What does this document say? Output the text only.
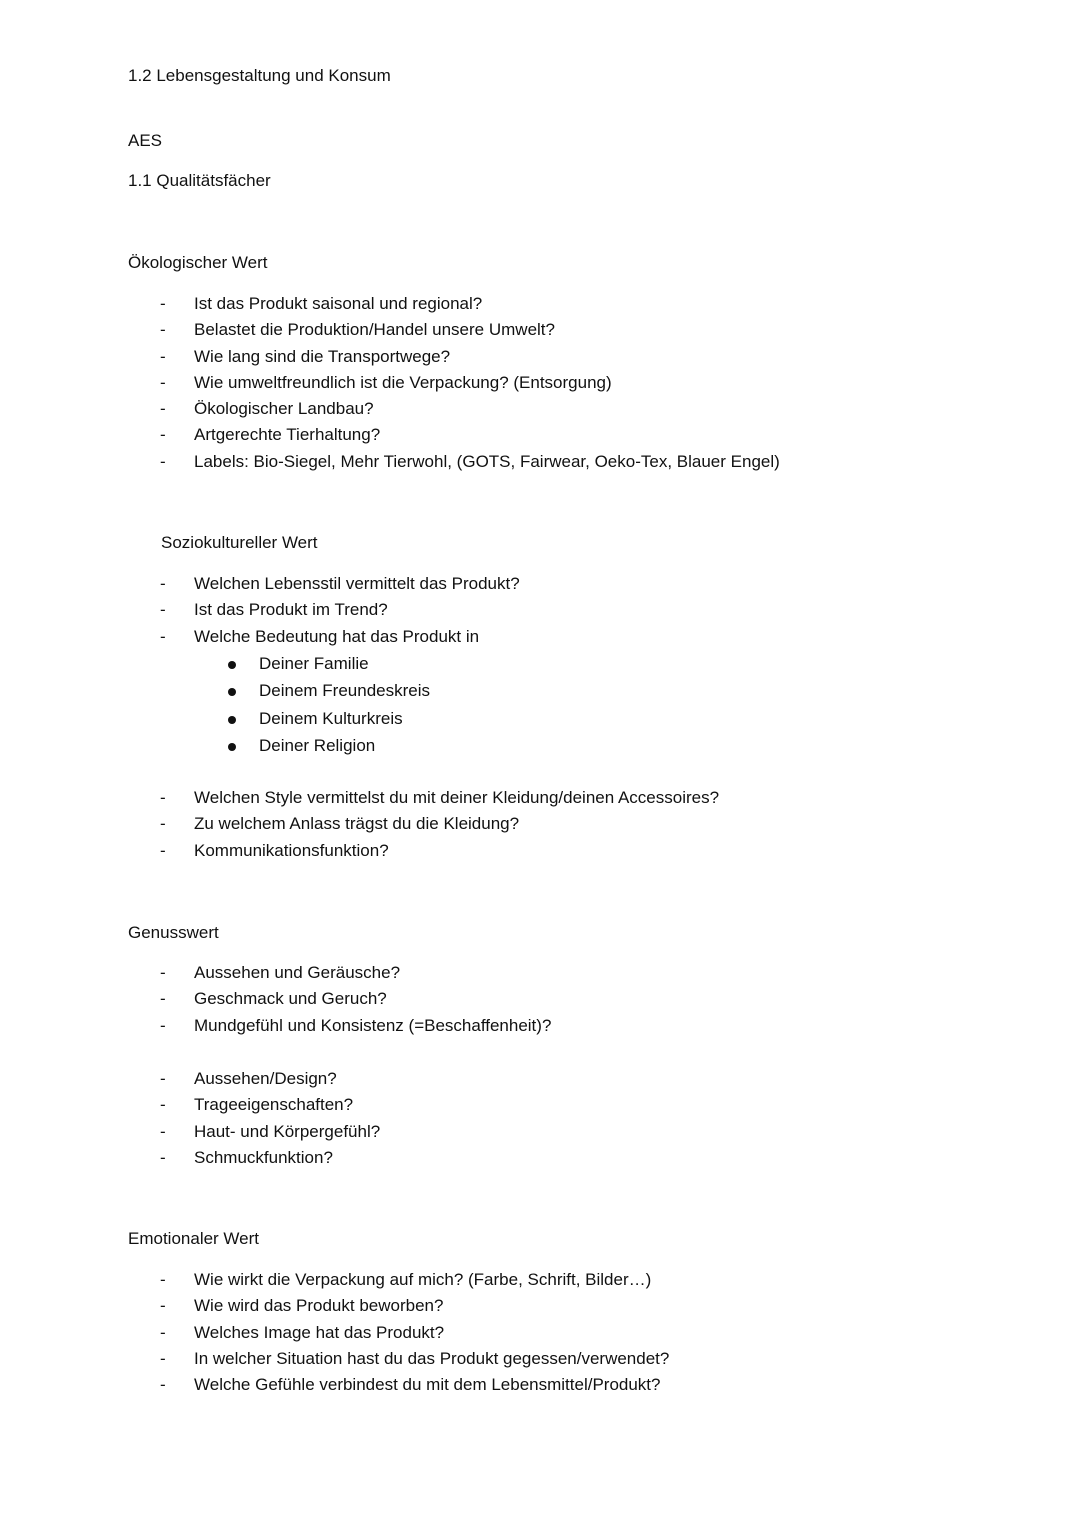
1.2 Lebensgestaltung und Konsum
AES
1.1 Qualitätsfächer
Ökologischer Wert
- Ist das Produkt saisonal und regional?
- Belastet die Produktion/Handel unsere Umwelt?
- Wie lang sind die Transportwege?
- Wie umweltfreundlich ist die Verpackung? (Entsorgung)
- Ökologischer Landbau?
- Artgerechte Tierhaltung?
- Labels: Bio-Siegel, Mehr Tierwohl, (GOTS, Fairwear, Oeko-Tex, Blauer Engel)
Soziokultureller Wert
- Welchen Lebensstil vermittelt das Produkt?
- Ist das Produkt im Trend?
- Welche Bedeutung hat das Produkt in
Deiner Familie
Deinem Freundeskreis
Deinem Kulturkreis
Deiner Religion
- Welchen Style vermittelst du mit deiner Kleidung/deinen Accessoires?
- Zu welchem Anlass trägst du die Kleidung?
- Kommunikationsfunktion?
Genusswert
- Aussehen und Geräusche?
- Geschmack und Geruch?
- Mundgefühl und Konsistenz (=Beschaffenheit)?
- Aussehen/Design?
- Trageeigenschaften?
- Haut- und Körpergefühl?
- Schmuckfunktion?
Emotionaler Wert
- Wie wirkt die Verpackung auf mich? (Farbe, Schrift, Bilder…)
- Wie wird das Produkt beworben?
- Welches Image hat das Produkt?
- In welcher Situation hast du das Produkt gegessen/verwendet?
- Welche Gefühle verbindest du mit dem Lebensmittel/Produkt?
